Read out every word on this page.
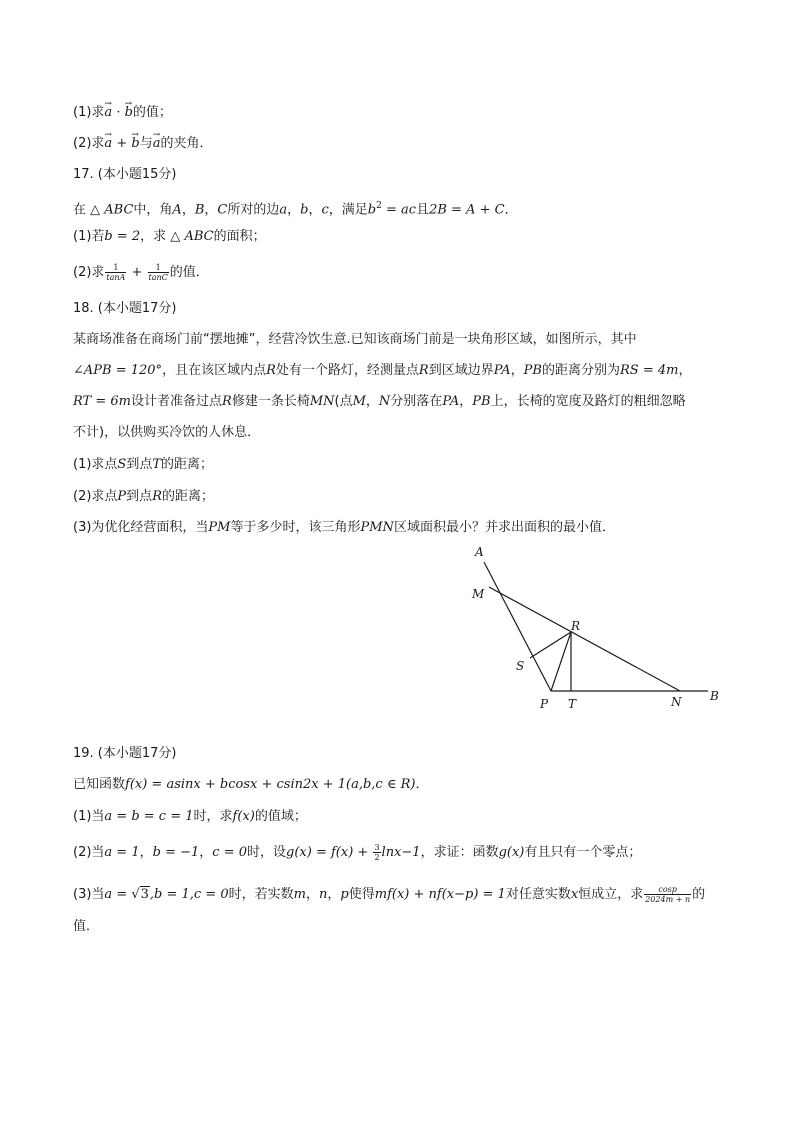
(1)求→ a · → b的值；
(2)求→ a + → b与→ a的夹角．
17. (本小题15分)
在 △ ABC中，角A，B，C所对的边a，b，c，满足$b^2$ = ac且2B = A + C．
(1)若b = 2，求 △ ABC的面积；
(2)求 $\frac{1}{\tan A} + \frac{1}{\tan C}$ 的值．
18. (本小题17分)
某商场准备在商场门前“摆地摊”，经营冷饮生意.已知该商场门前是一块角形区域，如图所示，其中
∠APB = 120°，且在该区域内点R处有一个路灯，经测量点R到区域边界PA，PB的距离分别为RS = 4m，
RT = 6m设计者准备过点R修建一条长椅MN(点M，N分别落在PA，PB上，长椅的宽度及路灯的粗细忽略
不计)，以供购买冷饮的人休息．
(1)求点S到点T的距离；
(2)求点P到点R的距离；
(3)为优化经营面积，当PM等于多少时，该三角形PMN区域面积最小？并求出面积的最小值．
A
M
R
S
P T	N B
19. (本小题17分)
已知函数f(x) = asinx + bcosx + csin2x + 1(a,b,c ∈ R)．
(1)当a = b = c = 1时，求f(x)的值域；
(2)当a = 1，b = −1，c = 0时，设$g(x) = f(x) + \frac{3}{2} \ln x-1$，求证：函数g(x)有且只有一个零点；
(3)当a = √3,b = 1,c = 0时，若实数m，n，p使得mf(x) + nf(x−p) = 1对任意实数x恒成立，求 $\frac{\cos p}{2024m + n}$ 的
值．
